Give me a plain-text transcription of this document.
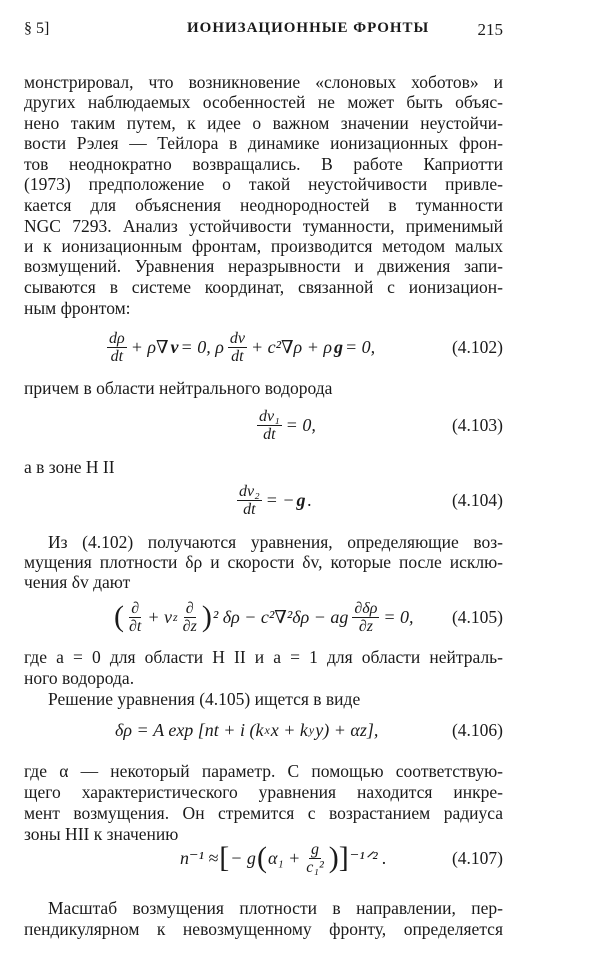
§ 5]	ИОНИЗАЦИОННЫЕ ФРОНТЫ	215
монстрировал, что возникновение «слоновых хоботов» и
других наблюдаемых особенностей не может быть объяс-
нено таким путем, к идее о важном значении неустойчи-
вости Рэлея — Тейлора в динамике ионизационных фрон-
тов неоднократно возвращались. В работе Каприотти
(1973) предположение о такой неустойчивости привле-
кается для объяснения неоднородностей в туманности
NGC 7293. Анализ устойчивости туманности, применимый
и к ионизационным фронтам, производится методом малых
возмущений. Уравнения неразрывности и движения запи-
сываются в системе координат, связанной с ионизацион-
ным фронтом:
причем в области нейтрального водорода
а в зоне H II
Из (4.102) получаются уравнения, определяющие воз-
мущения плотности δρ и скорости δv, которые после исклю-
чения δv дают
где a = 0 для области H II и a = 1 для области нейтраль-
ного водорода.
Решение уравнения (4.105) ищется в виде
где α — некоторый параметр. С помощью соответствую-
щего характеристического уравнения находится инкре-
мент возмущения. Он стремится с возрастанием радиуса
зоны HII к значению
Масштаб возмущения плотности в направлении, пер-
пендикулярном к невозмущенному фронту, определяется
$\frac{d\rho}{dt} + \rho\nabla$ v = 0, ρ $\frac{dv}{dt} + c^2\nabla\rho + \rho$ g = 0,	(4.102)
$\frac{\text{dv₁}}{dt} = 0$,	(4.103)
$\frac{\text{dv₂}}{dt}$ = − g .	(4.104)
( $\frac{\partial}{\partial t} + v$ z $\frac{\partial}{\partial z}$ ) ² δρ − c²∇²δρ − ag $\frac{\partial\delta\rho}{\partial z} = 0$, (4.105)
δρ = A exp [nt + i (k x x + k y y) + αz],	(4.106)
n⁻¹ ≈ [ − g ( $\alpha_1 + \frac{g}{\text{c₁²}}$ ) ] ⁻¹ᐟ² .	(4.107)
